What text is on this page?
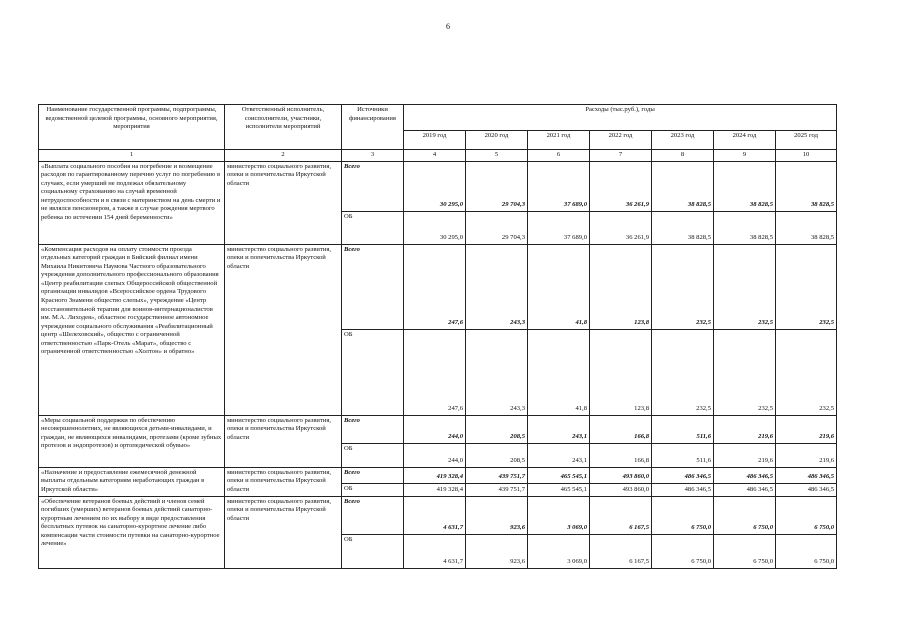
6
Наименование государственной программы, подпрограммы, ведомственной целевой программы, основного мероприятия, мероприятия	Ответственный исполнитель, соисполнители, участники, исполнители мероприятий	Источники финансирования	Расходы (тыс.руб.), годы						
			2019 год	2020 год	2021 год	2022 год	2023 год	2024 год	2025 год
1	2	3	4	5	6	7	8	9	10
«Выплата социального пособия на погребение и возмещение расходов по гарантированному перечню услуг по погребению в случаях, если умерший не подлежал обязательному социальному страхованию на случай временной нетрудоспособности и в связи с материнством на день смерти и не являлся пенсионером, а также в случае рождения мертвого ребенка по истечении 154 дней беременности»	министерство социального развития, опеки и попечительства Иркутской области	Всего	30 295,0	29 704,3	37 689,0	36 261,9	38 828,5	38 828,5	38 828,5
		ОБ	30 295,0	29 704,3	37 689,0	36 261,9	38 828,5	38 828,5	38 828,5
«Компенсация расходов на оплату стоимости проезда отдельных категорий граждан в Бийский филиал имени Михаила Никитовича Наумова Частного образовательного учреждения дополнительного профессионального образования «Центр реабилитации слепых Общероссийской общественной организации инвалидов «Всероссийское ордена Трудового Красного Знамени общество слепых», учреждение «Центр восстановительной терапии для воинов-интернационалистов им. М.А. Лиходея», областное государственное автономное учреждение социального обслуживания «Реабилитационный центр «Шелеховский», общество с ограниченной ответственностью «Парк-Отель «Марат», общество с ограниченной ответственностью «Холтон» и обратно»	министерство социального развития, опеки и попечительства Иркутской области	Всего	247,6	243,3	41,8	123,8	232,5	232,5	232,5
		ОБ	247,6	243,3	41,8	123,8	232,5	232,5	232,5
«Меры социальной поддержки по обеспечению несовершеннолетних, не являющихся детьми-инвалидами, и граждан, не являющихся инвалидами, протезами (кроме зубных протезов и эндопротезов) и ортопедической обувью»	министерство социального развития, опеки и попечительства Иркутской области	Всего	244,0	208,5	243,1	166,8	511,6	219,6	219,6
		ОБ	244,0	208,5	243,1	166,8	511,6	219,6	219,6
«Назначение и предоставление ежемесячной денежной выплаты отдельным категориям неработающих граждан в Иркутской области»	министерство социального развития, опеки и попечительства Иркутской области	Всего	419 328,4	439 751,7	465 545,1	493 860,0	486 346,5	486 346,5	486 346,5
		ОБ	419 328,4	439 751,7	465 545,1	493 860,0	486 346,5	486 346,5	486 346,5
«Обеспечение ветеранов боевых действий и членов семей погибших (умерших) ветеранов боевых действий санаторно-курортным лечением по их выбору в виде предоставления бесплатных путевок на санаторно-курортное лечение либо компенсации части стоимости путевки на санаторно-курортное лечение»	министерство социального развития, опеки и попечительства Иркутской области	Всего	4 631,7	923,6	3 069,0	6 167,5	6 750,0	6 750,0	6 750,0
		ОБ	4 631,7	923,6	3 069,0	6 167,5	6 750,0	6 750,0	6 750,0
